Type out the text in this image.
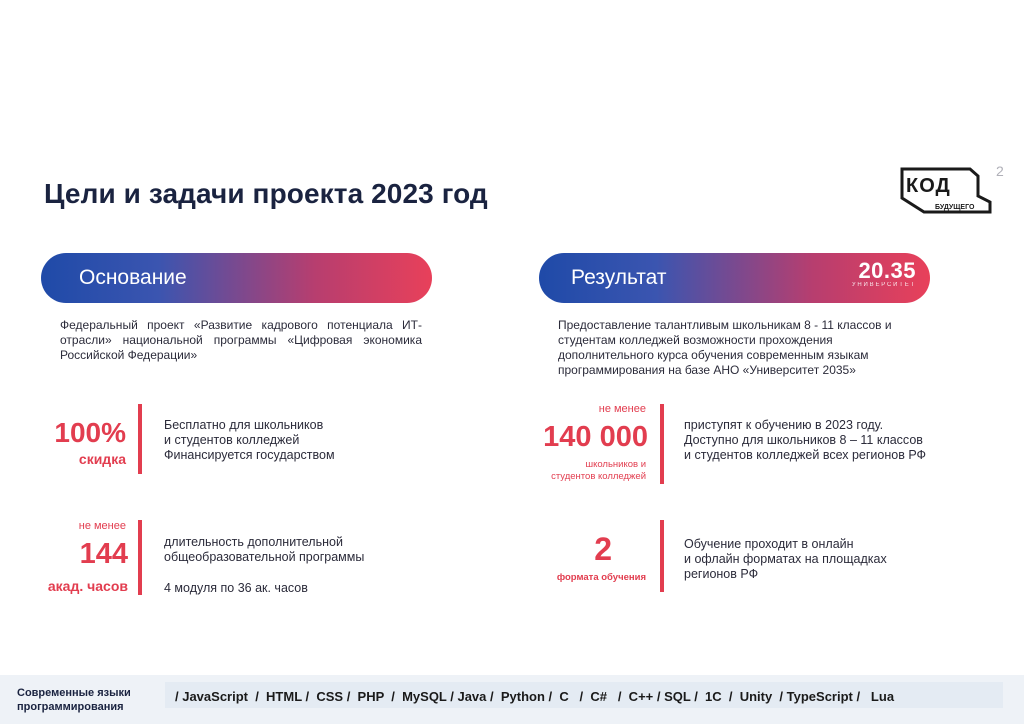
2
Цели и задачи проекта 2023 год	КОД
БУДУЩЕГО
Основание	Результат	20.35
УНИВЕРСИТЕТ
Федеральный проект «Развитие кадрового потенциала ИТ- отрасли» национальной программы «Цифровая экономика Российской Федерации»
Предоставление талантливым школьникам 8 - 11 классов и
студентам колледжей возможности прохождения
дополнительного курса обучения современным языкам
программирования на базе АНО «Университет 2035»
100%
скидка
Бесплатно для школьников
и студентов колледжей
Финансируется государством
не менее
144
акад. часов
длительность дополнительной
общеобразовательной программы
4 модуля по 36 ак. часов
не менее
140 000
школьников и
студентов колледжей
приступят к обучению в 2023 году.
Доступно для школьников 8 – 11 классов
и студентов колледжей всех регионов РФ
2
формата обучения
Обучение проходит в онлайн
и офлайн форматах на площадках
регионов РФ
Современные языки
программирования
/ JavaScript  /  HTML /  CSS /  PHP  /  MySQL / Java /  Python /  C   /  C#   /  C++ / SQL /  1C  /  Unity  / TypeScript /   Lua
